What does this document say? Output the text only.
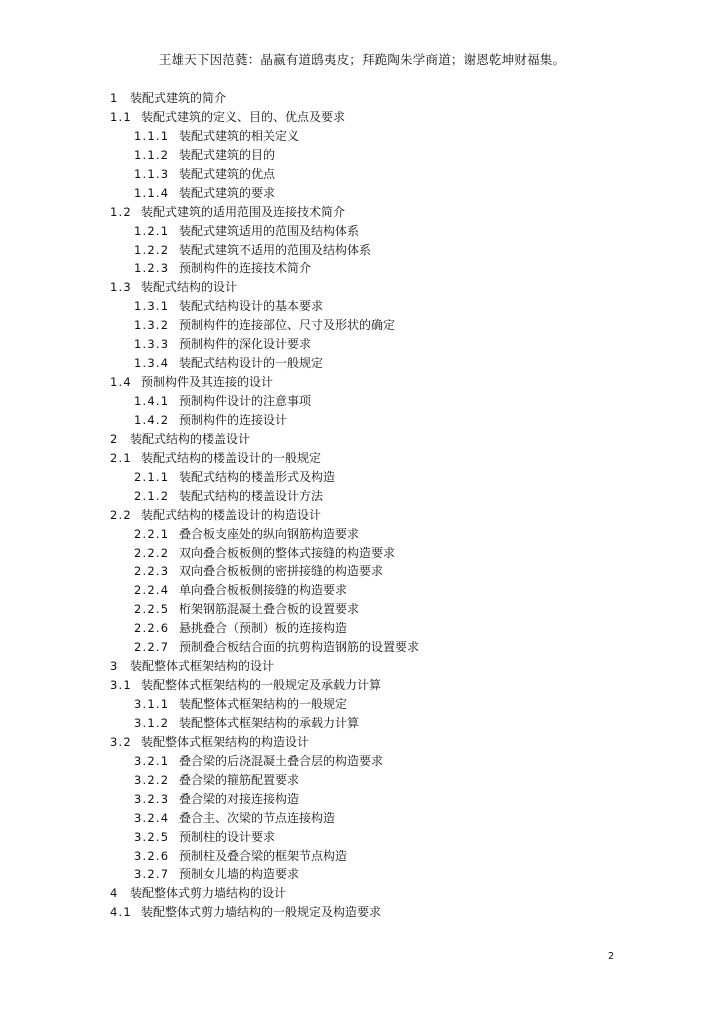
王雄天下因范蕤：晶嬴有道鸱夷皮；拜跪陶朱学商道；谢恩乾坤财福集。
1 装配式建筑的简介
1.1 装配式建筑的定义、目的、优点及要求
1.1.1 装配式建筑的相关定义
1.1.2 装配式建筑的目的
1.1.3 装配式建筑的优点
1.1.4 装配式建筑的要求
1.2 装配式建筑的适用范围及连接技术简介
1.2.1 装配式建筑适用的范围及结构体系
1.2.2 装配式建筑不适用的范围及结构体系
1.2.3 预制构件的连接技术简介
1.3 装配式结构的设计
1.3.1 装配式结构设计的基本要求
1.3.2 预制构件的连接部位、尺寸及形状的确定
1.3.3 预制构件的深化设计要求
1.3.4 装配式结构设计的一般规定
1.4 预制构件及其连接的设计
1.4.1 预制构件设计的注意事项
1.4.2 预制构件的连接设计
2 装配式结构的楼盖设计
2.1 装配式结构的楼盖设计的一般规定
2.1.1 装配式结构的楼盖形式及构造
2.1.2 装配式结构的楼盖设计方法
2.2 装配式结构的楼盖设计的构造设计
2.2.1 叠合板支座处的纵向钢筋构造要求
2.2.2 双向叠合板板侧的整体式接缝的构造要求
2.2.3 双向叠合板板侧的密拼接缝的构造要求
2.2.4 单向叠合板板侧接缝的构造要求
2.2.5 桁架钢筋混凝土叠合板的设置要求
2.2.6 悬挑叠合（预制）板的连接构造
2.2.7 预制叠合板结合面的抗剪构造钢筋的设置要求
3 装配整体式框架结构的设计
3.1 装配整体式框架结构的一般规定及承载力计算
3.1.1 装配整体式框架结构的一般规定
3.1.2 装配整体式框架结构的承载力计算
3.2 装配整体式框架结构的构造设计
3.2.1 叠合梁的后浇混凝土叠合层的构造要求
3.2.2 叠合梁的箍筋配置要求
3.2.3 叠合梁的对接连接构造
3.2.4 叠合主、次梁的节点连接构造
3.2.5 预制柱的设计要求
3.2.6 预制柱及叠合梁的框架节点构造
3.2.7 预制女儿墙的构造要求
4 装配整体式剪力墙结构的设计
4.1 装配整体式剪力墙结构的一般规定及构造要求
2
